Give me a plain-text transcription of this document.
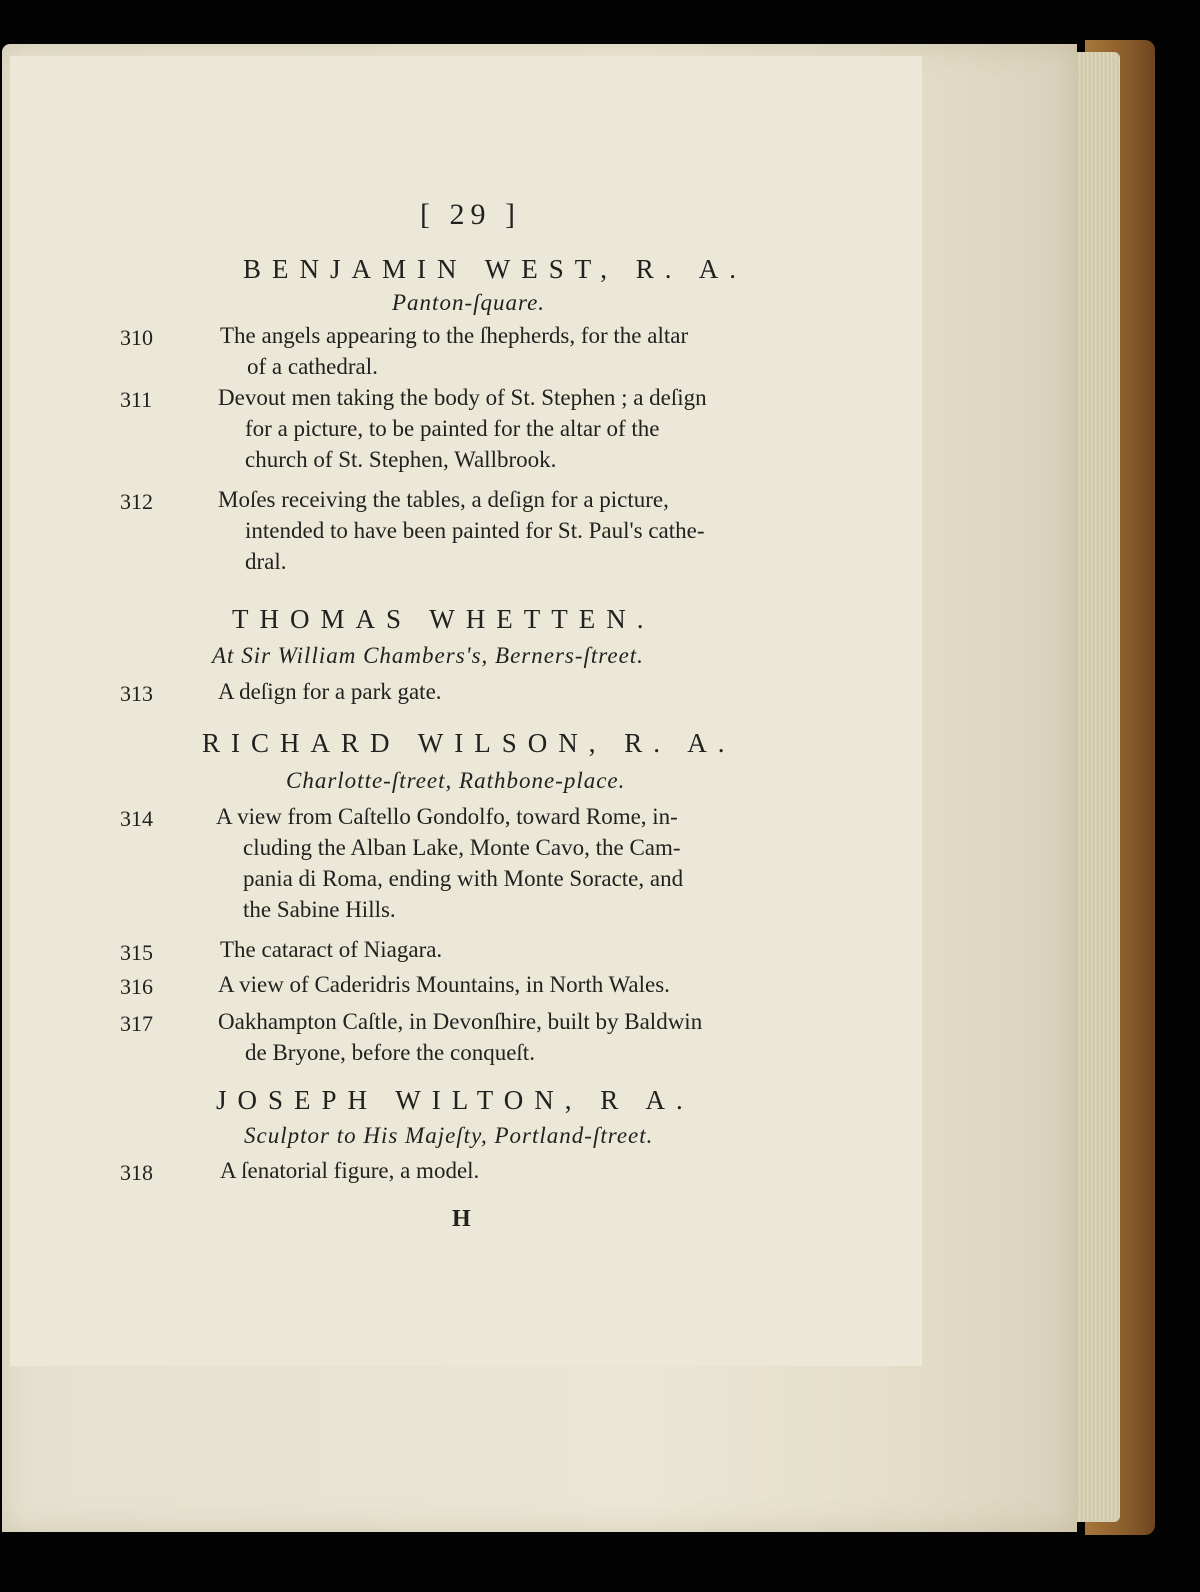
[ 29 ]
BENJAMIN WEST, R. A.
Panton-ſquare.
310	The angels appearing to the ſhepherds, for the altar
of a cathedral.
311	Devout men taking the body of St. Stephen ; a deſign
for a picture, to be painted for the altar of the
church of St. Stephen, Wallbrook.
312	Moſes receiving the tables, a deſign for a picture,
intended to have been painted for St. Paul's cathe-
dral.
THOMAS WHETTEN.
At Sir William Chambers's, Berners-ſtreet.
313	A deſign for a park gate.
RICHARD WILSON, R. A.
Charlotte-ſtreet, Rathbone-place.
314	A view from Caſtello Gondolfo, toward Rome, in-
cluding the Alban Lake, Monte Cavo, the Cam-
pania di Roma, ending with Monte Soracte, and
the Sabine Hills.
315	The cataract of Niagara.
316	A view of Caderidris Mountains, in North Wales.
317	Oakhampton Caſtle, in Devonſhire, built by Baldwin
de Bryone, before the conqueſt.
JOSEPH WILTON, R A.
Sculptor to His Majeſty, Portland-ſtreet.
318	A ſenatorial figure, a model.
H
